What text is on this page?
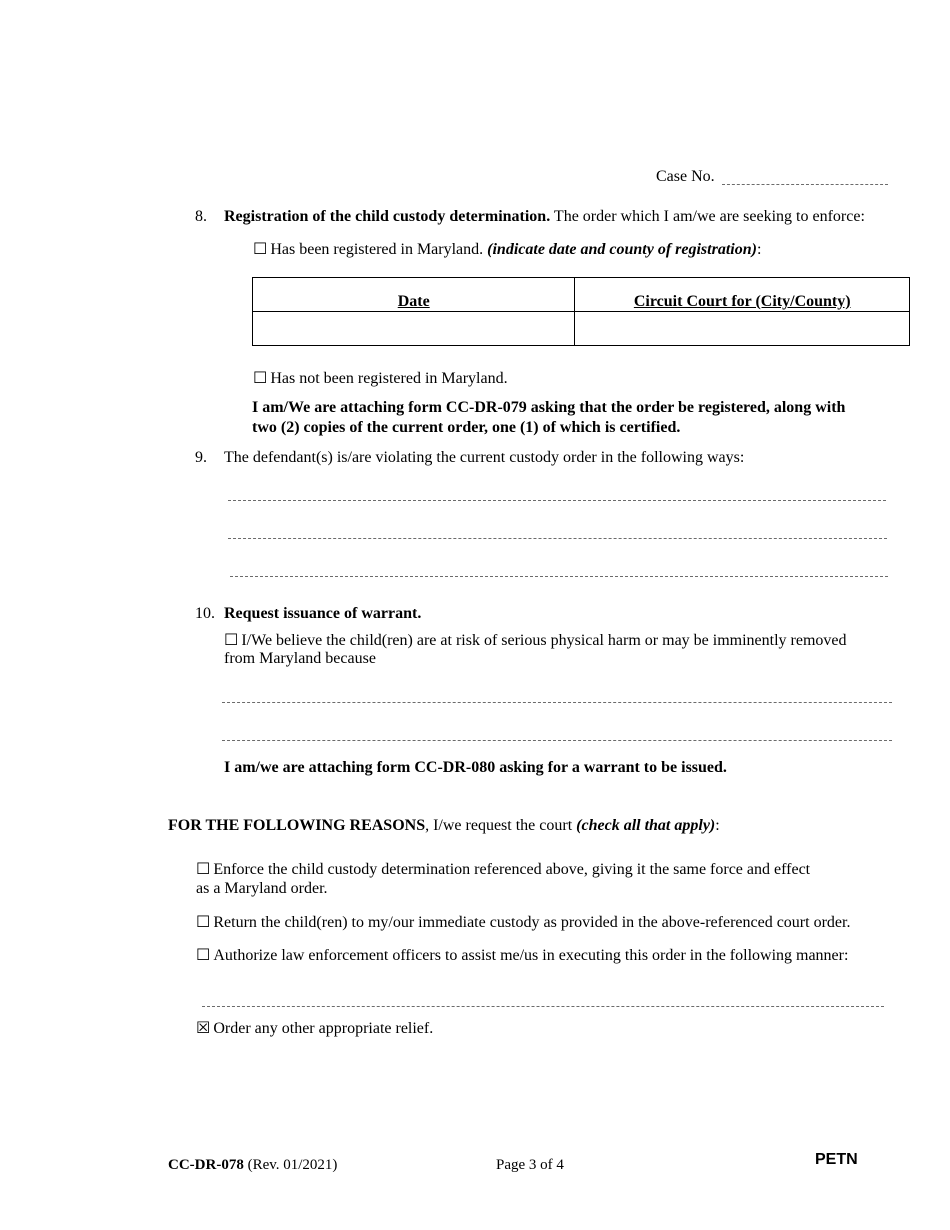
Case No.
8. Registration of the child custody determination. The order which I am/we are seeking to enforce:
☐ Has been registered in Maryland. (indicate date and county of registration):
Date	Circuit Court for (City/County)

☐ Has not been registered in Maryland.
I am/We are attaching form CC-DR-079 asking that the order be registered, along with
two (2) copies of the current order, one (1) of which is certified.
9. The defendant(s) is/are violating the current custody order in the following ways:
10. Request issuance of warrant.
☐ I/We believe the child(ren) are at risk of serious physical harm or may be imminently removed
from Maryland because
I am/we are attaching form CC-DR-080 asking for a warrant to be issued.
FOR THE FOLLOWING REASONS, I/we request the court (check all that apply):
☐ Enforce the child custody determination referenced above, giving it the same force and effect
as a Maryland order.
☐ Return the child(ren) to my/our immediate custody as provided in the above-referenced court order.
☐ Authorize law enforcement officers to assist me/us in executing this order in the following manner:
☒ Order any other appropriate relief.
CC-DR-078 (Rev. 01/2021)	Page 3 of 4	PETN
